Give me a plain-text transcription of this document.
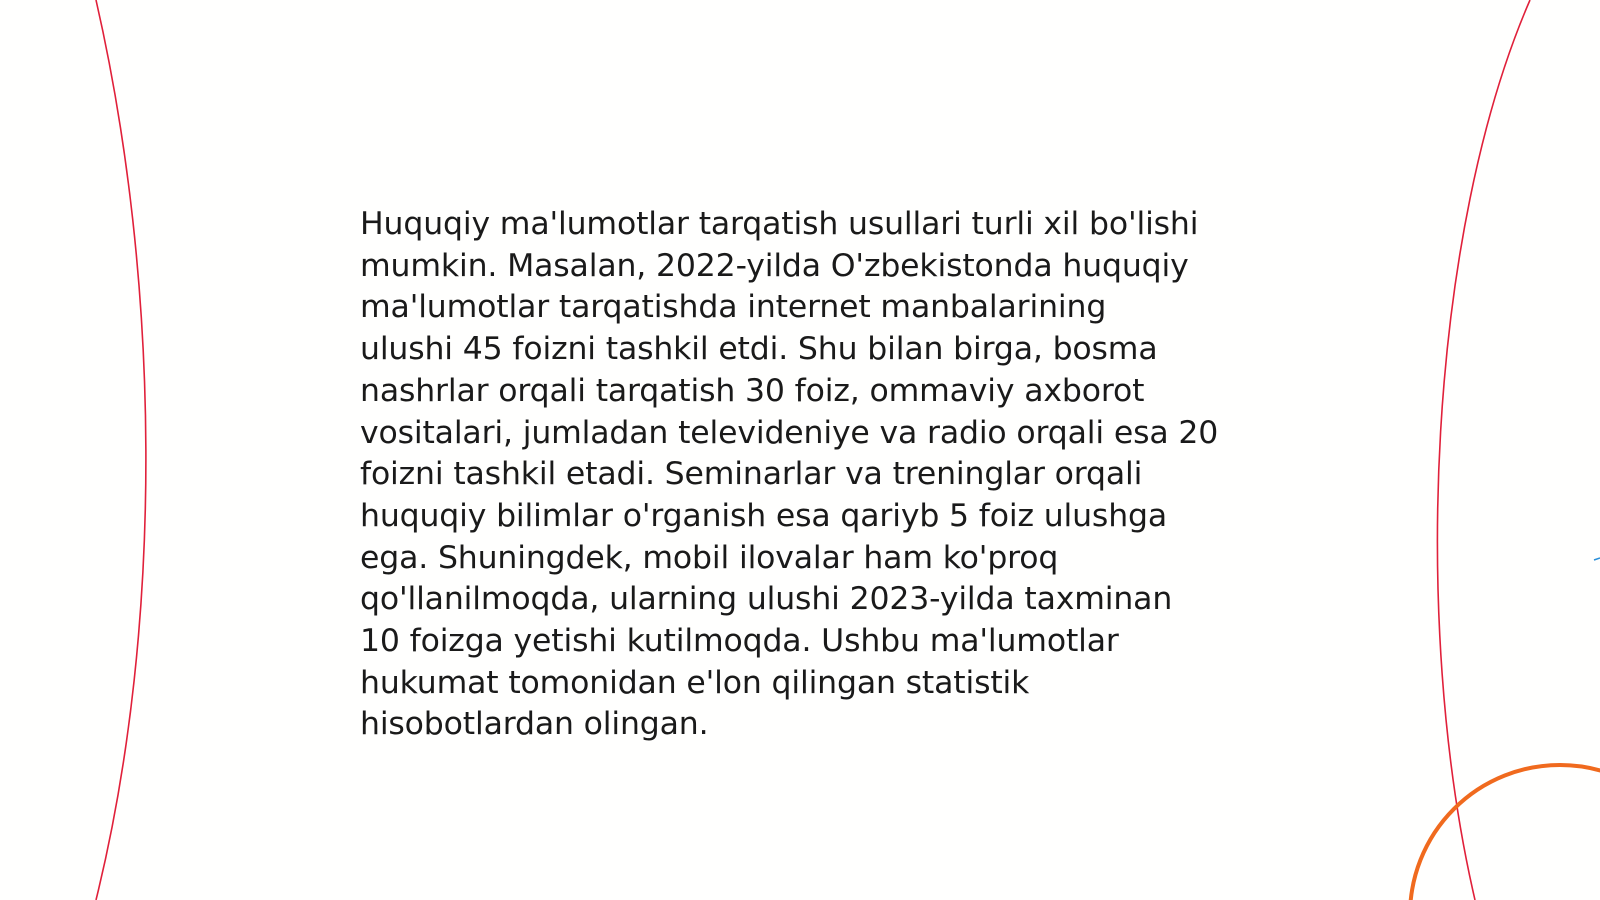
Huquqiy ma'lumotlar tarqatish usullari turli xil bo'lishi
mumkin. Masalan, 2022-yilda O'zbekistonda huquqiy
ma'lumotlar tarqatishda internet manbalarining
ulushi 45 foizni tashkil etdi. Shu bilan birga, bosma
nashrlar orqali tarqatish 30 foiz, ommaviy axborot
vositalari, jumladan televideniye va radio orqali esa 20
foizni tashkil etadi. Seminarlar va treninglar orqali
huquqiy bilimlar o'rganish esa qariyb 5 foiz ulushga
ega. Shuningdek, mobil ilovalar ham ko'proq
qo'llanilmoqda, ularning ulushi 2023-yilda taxminan
10 foizga yetishi kutilmoqda. Ushbu ma'lumotlar
hukumat tomonidan e'lon qilingan statistik
hisobotlardan olingan.
